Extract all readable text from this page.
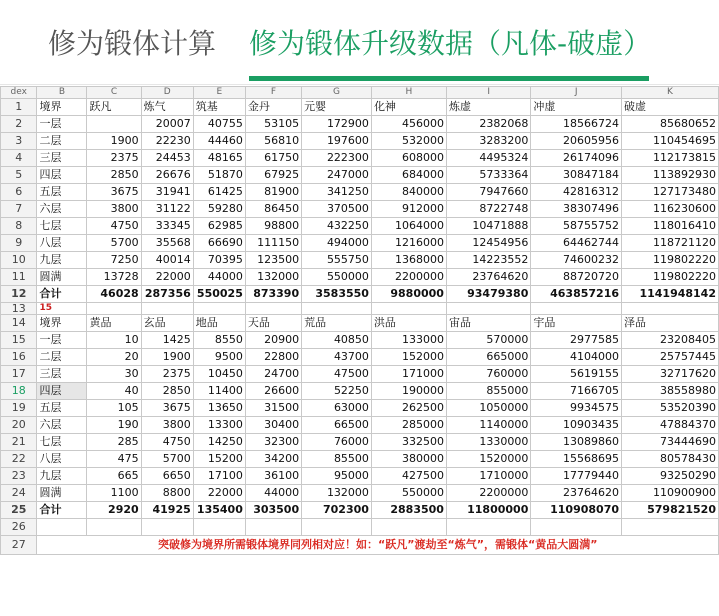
修为锻体计算 修为锻体升级数据（凡体-破虚）
dex	B	C	D	E	F	G	H	I	J	K
1	境界	跃凡	炼气	筑基	金丹	元婴	化神	炼虚	冲虚	破虚
2	一层		20007	40755	53105	172900	456000	2382068	18566724	85680652
3	二层	1900	22230	44460	56810	197600	532000	3283200	20605956	110454695
4	三层	2375	24453	48165	61750	222300	608000	4495324	26174096	112173815
5	四层	2850	26676	51870	67925	247000	684000	5733364	30847184	113892930
6	五层	3675	31941	61425	81900	341250	840000	7947660	42816312	127173480
7	六层	3800	31122	59280	86450	370500	912000	8722748	38307496	116230600
8	七层	4750	33345	62985	98800	432250	1064000	10471888	58755752	118016410
9	八层	5700	35568	66690	111150	494000	1216000	12454956	64462744	118721120
10	九层	7250	40014	70395	123500	555750	1368000	14223552	74600232	119802220
11	圆满	13728	22000	44000	132000	550000	2200000	23764620	88720720	119802220
12	合计	46028	287356	550025	873390	3583550	9880000	93479380	463857216	1141948142
13	15									
14	境界	黄品	玄品	地品	天品	荒品	洪品	宙品	宇品	泽品
15	一层	10	1425	8550	20900	40850	133000	570000	2977585	23208405
16	二层	20	1900	9500	22800	43700	152000	665000	4104000	25757445
17	三层	30	2375	10450	24700	47500	171000	760000	5619155	32717620
18	四层	40	2850	11400	26600	52250	190000	855000	7166705	38558980
19	五层	105	3675	13650	31500	63000	262500	1050000	9934575	53520390
20	六层	190	3800	13300	30400	66500	285000	1140000	10903435	47884370
21	七层	285	4750	14250	32300	76000	332500	1330000	13089860	73444690
22	八层	475	5700	15200	34200	85500	380000	1520000	15568695	80578430
23	九层	665	6650	17100	36100	95000	427500	1710000	17779440	93250290
24	圆满	1100	8800	22000	44000	132000	550000	2200000	23764620	110900900
25	合计	2920	41925	135400	303500	702300	2883500	11800000	110908070	579821520
26										
27	突破修为境界所需锻体境界同列相对应！如：“跃凡”渡劫至“炼气”，需锻体“黄品大圆满”									
